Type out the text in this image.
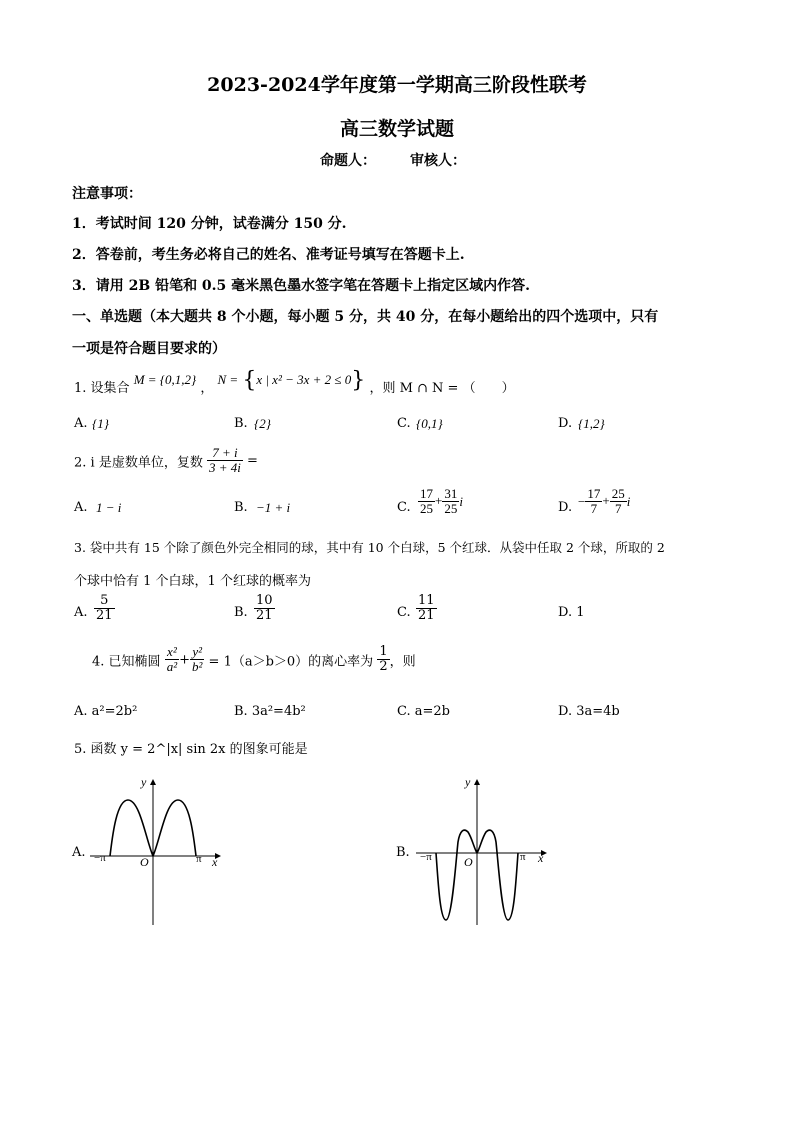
2023-2024学年度第一学期高三阶段性联考
高三数学试题
命题人： 审核人：
注意事项：
1．考试时间 120 分钟，试卷满分 150 分.
2．答卷前，考生务必将自己的姓名、准考证号填写在答题卡上.
3．请用 2B 铅笔和 0.5 毫米黑色墨水签字笔在答题卡上指定区域内作答.
一、单选题（本大题共 8 个小题，每小题 5 分，共 40 分，在每小题给出的四个选项中，只有
一项是符合题目要求的）
1. 设集合 M = {0,1,2} ， N = {x | x² − 3x + 2 ≤ 0} ，则 M ∩ N = （　　）
A. {1}	B. {2}	C. {0,1}	D. {1,2}
2. i 是虚数单位，复数 $\frac{7 + i}{3 + 4i}$ =
A. 1 − i	B. −1 + i	C. $\frac{17}{25} + \frac{31}{25}$ i	D. − $\frac{17}{7} + \frac{25}{7}$ i
3. 袋中共有 15 个除了颜色外完全相同的球，其中有 10 个白球，5 个红球．从袋中任取 2 个球，所取的 2
个球中恰有 1 个白球，1 个红球的概率为
A. $\frac{5}{21}$	B. $\frac{10}{21}$	C. $\frac{11}{21}$	D. 1
4. 已知椭圆 $\frac{\text{x²}}{\text{a²}} + \frac{\text{y²}}{\text{b²}} = 1(a>b>0)$的离心率为 $\frac{1}{2}$ ，则
A. a²=2b²	B. 3a²=4b²	C. a=2b	D. 3a=4b
5. 函数 y = 2^|x| sin 2x 的图象可能是
A. −π	O	π x
y
B. −π	O	π x
y
